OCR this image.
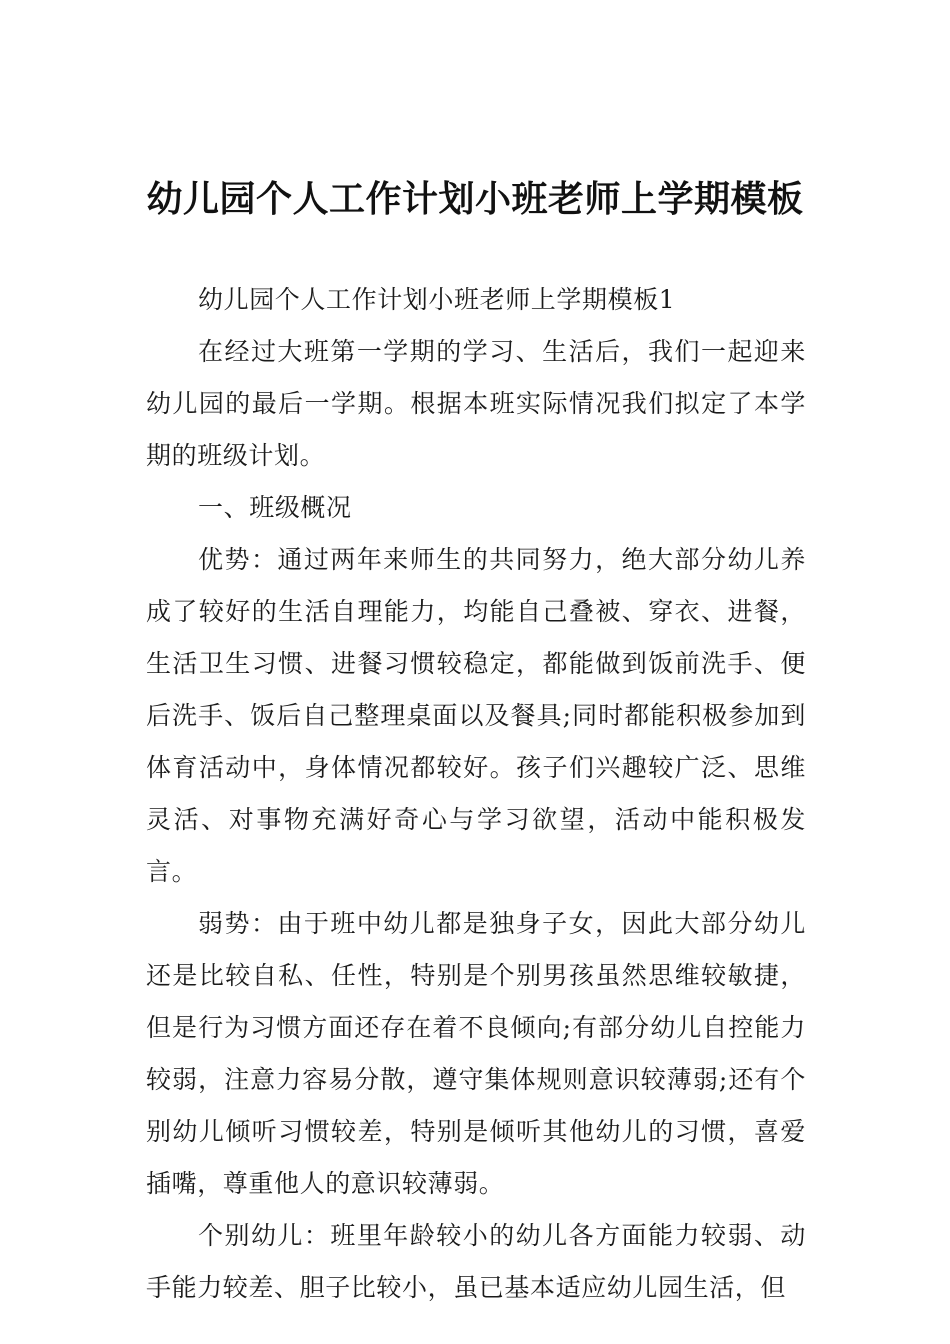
幼儿园个人工作计划小班老师上学期模板

幼儿园个人工作计划小班老师上学期模板1

在经过大班第一学期的学习、生活后，我们一起迎来幼儿园的最后一学期。根据本班实际情况我们拟定了本学期的班级计划。

一、班级概况

优势：通过两年来师生的共同努力，绝大部分幼儿养成了较好的生活自理能力，均能自己叠被、穿衣、进餐，生活卫生习惯、进餐习惯较稳定，都能做到饭前洗手、便后洗手、饭后自己整理桌面以及餐具;同时都能积极参加到体育活动中，身体情况都较好。孩子们兴趣较广泛、思维灵活、对事物充满好奇心与学习欲望，活动中能积极发言。

弱势：由于班中幼儿都是独身子女，因此大部分幼儿还是比较自私、任性，特别是个别男孩虽然思维较敏捷，但是行为习惯方面还存在着不良倾向;有部分幼儿自控能力较弱，注意力容易分散，遵守集体规则意识较薄弱;还有个别幼儿倾听习惯较差，特别是倾听其他幼儿的习惯，喜爱插嘴，尊重他人的意识较薄弱。

个别幼儿：班里年龄较小的幼儿各方面能力较弱、动手能力较差、胆子比较小，虽已基本适应幼儿园生活，但
